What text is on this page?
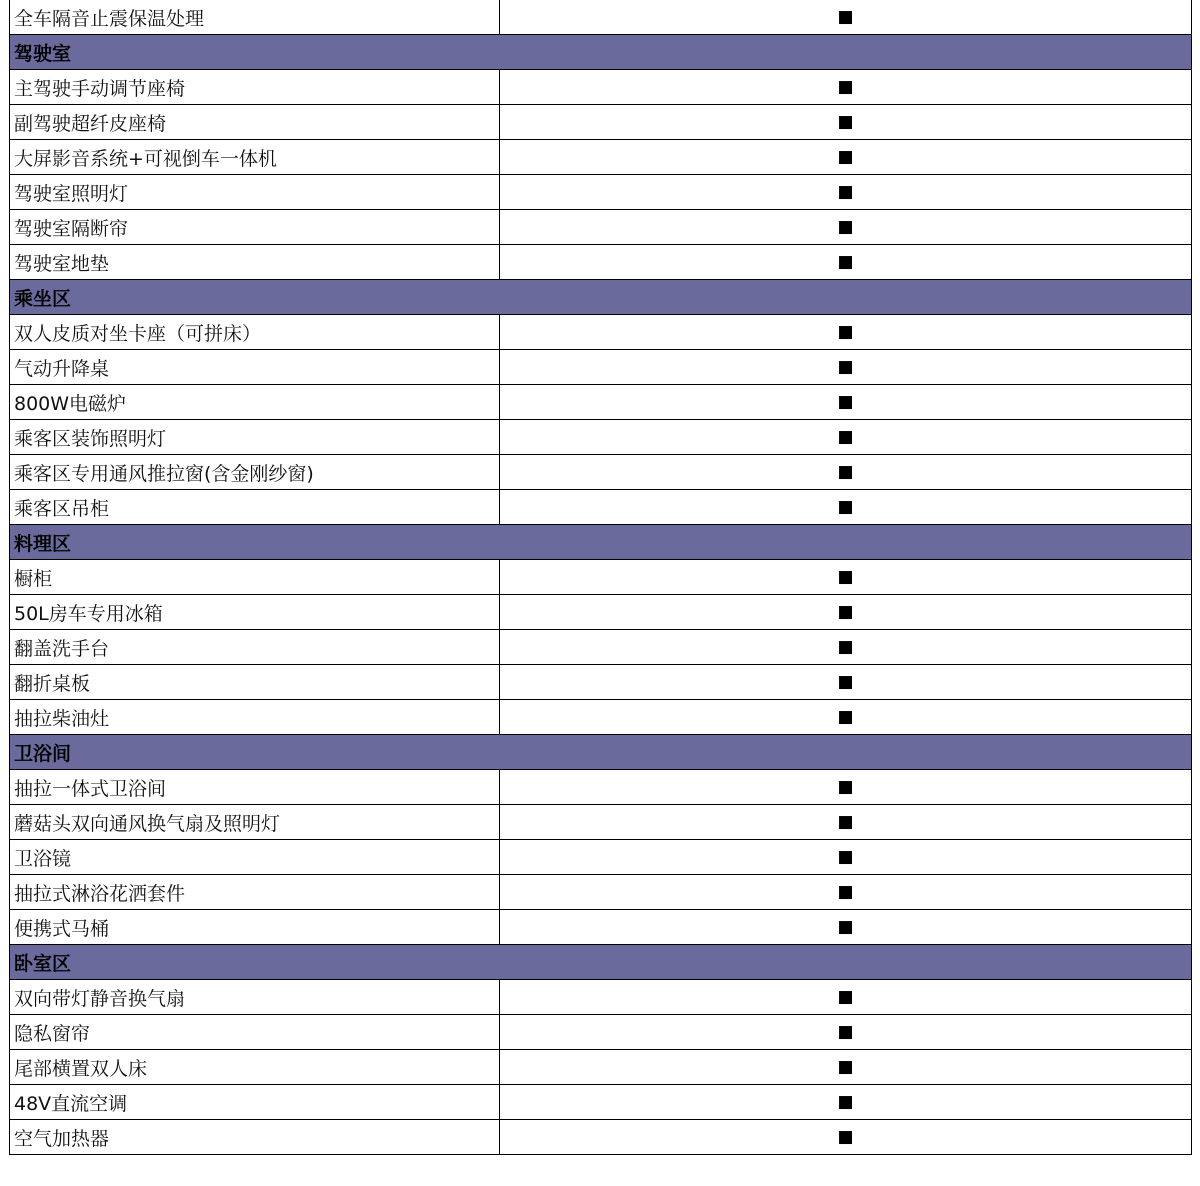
全车隔音止震保温处理	■
驾驶室	
主驾驶手动调节座椅	■
副驾驶超纤皮座椅	■
大屏影音系统+可视倒车一体机	■
驾驶室照明灯	■
驾驶室隔断帘	■
驾驶室地垫	■
乘坐区	
双人皮质对坐卡座（可拼床）	■
气动升降桌	■
800W电磁炉	■
乘客区装饰照明灯	■
乘客区专用通风推拉窗(含金刚纱窗)	■
乘客区吊柜	■
料理区	
橱柜	■
50L房车专用冰箱	■
翻盖洗手台	■
翻折桌板	■
抽拉柴油灶	■
卫浴间	
抽拉一体式卫浴间	■
蘑菇头双向通风换气扇及照明灯	■
卫浴镜	■
抽拉式淋浴花洒套件	■
便携式马桶	■
卧室区	
双向带灯静音换气扇	■
隐私窗帘	■
尾部横置双人床	■
48V直流空调	■
空气加热器	■
